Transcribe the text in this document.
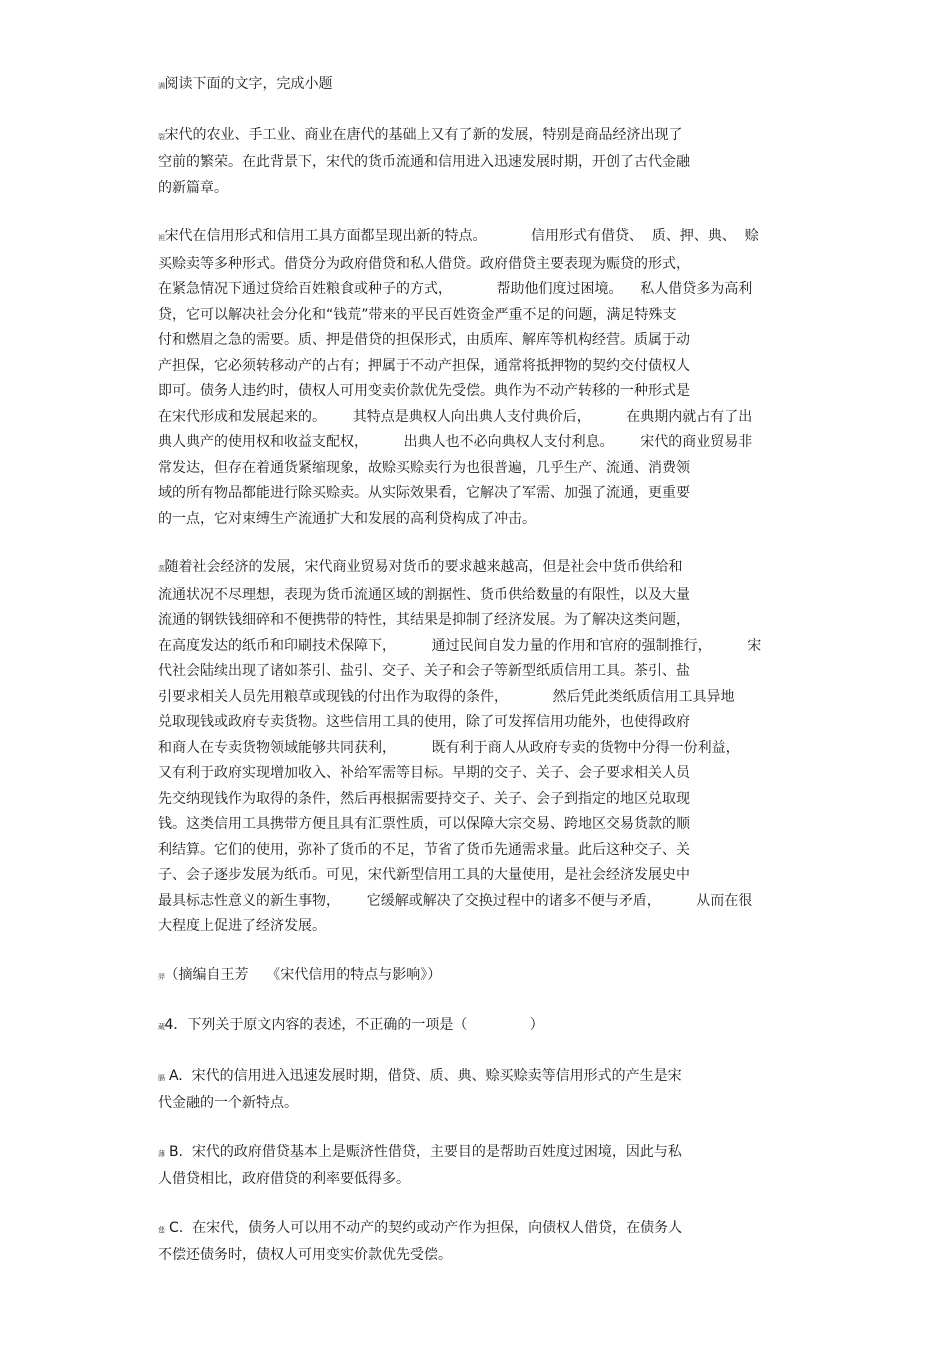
满阅读下面的文字，完成小题
裂宋代的农业、手工业、商业在唐代的基础上又有了新的发展，特别是商品经济出现了
空前的繁荣。在此背景下，宋代的货币流通和信用进入迅速发展时期，开创了古代金融
的新篇章。
袒宋代在信用形式和信用工具方面都呈现出新的特点。          信用形式有借贷、  质、押、典、  赊
买赊卖等多种形式。借贷分为政府借贷和私人借贷。政府借贷主要表现为赈贷的形式，
在紧急情况下通过贷给百姓粮食或种子的方式，          帮助他们度过困境。    私人借贷多为高利
贷，它可以解决社会分化和“钱荒”带来的平民百姓资金严重不足的问题，满足特殊支
付和燃眉之急的需要。质、押是借贷的担保形式，由质库、解库等机构经营。质属于动
产担保，它必须转移动产的占有；押属于不动产担保，通常将抵押物的契约交付债权人
即可。债务人违约时，债权人可用变卖价款优先受偿。典作为不动产转移的一种形式是
在宋代形成和发展起来的。      其特点是典权人向出典人支付典价后，        在典期内就占有了出
典人典产的使用权和收益支配权，        出典人也不必向典权人支付利息。      宋代的商业贸易非
常发达，但存在着通货紧缩现象，故赊买赊卖行为也很普遍，几乎生产、流通、消费领
域的所有物品都能进行除买赊卖。从实际效果看，它解决了军需、加强了流通，更重要
的一点，它对束缚生产流通扩大和发展的高利贷构成了冲击。
蒸随着社会经济的发展，宋代商业贸易对货币的要求越来越高，但是社会中货币供给和
流通状况不尽理想，表现为货币流通区域的割据性、货币供给数量的有限性，以及大量
流通的钢铁钱细碎和不便携带的特性，其结果是抑制了经济发展。为了解决这类问题，
在高度发达的纸币和印刷技术保障下，        通过民间自发力量的作用和官府的强制推行，        宋
代社会陆续出现了诸如茶引、盐引、交子、关子和会子等新型纸质信用工具。茶引、盐
引要求相关人员先用粮草或现钱的付出作为取得的条件，          然后凭此类纸质信用工具异地
兑取现钱或政府专卖货物。这些信用工具的使用，除了可发挥信用功能外，也使得政府
和商人在专卖货物领域能够共同获利，        既有利于商人从政府专卖的货物中分得一份利益，
又有利于政府实现增加收入、补给军需等目标。早期的交子、关子、会子要求相关人员
先交纳现钱作为取得的条件，然后再根据需要持交子、关子、会子到指定的地区兑取现
钱。这类信用工具携带方便且具有汇票性质，可以保障大宗交易、跨地区交易货款的顺
利结算。它们的使用，弥补了货币的不足，节省了货币先通需求量。此后这种交子、关
子、会子逐步发展为纸币。可见，宋代新型信用工具的大量使用，是社会经济发展史中
最具标志性意义的新生事物，      它缓解或解决了交换过程中的诸多不便与矛盾，        从而在很
大程度上促进了经济发展。
羿（摘编自王芳    《宋代信用的特点与影响》）
蒇4．下列关于原文内容的表述，不正确的一项是（              ）
膈 A.  宋代的信用进入迅速发展时期，借贷、质、典、赊买赊卖等信用形式的产生是宋
代金融的一个新特点。
薄 B.  宋代的政府借贷基本上是赈济性借贷，主要目的是帮助百姓度过困境，因此与私
人借贷相比，政府借贷的利率要低得多。
莛 C.  在宋代，债务人可以用不动产的契约或动产作为担保，向债权人借贷，在债务人
不偿还债务时，债权人可用变实价款优先受偿。
